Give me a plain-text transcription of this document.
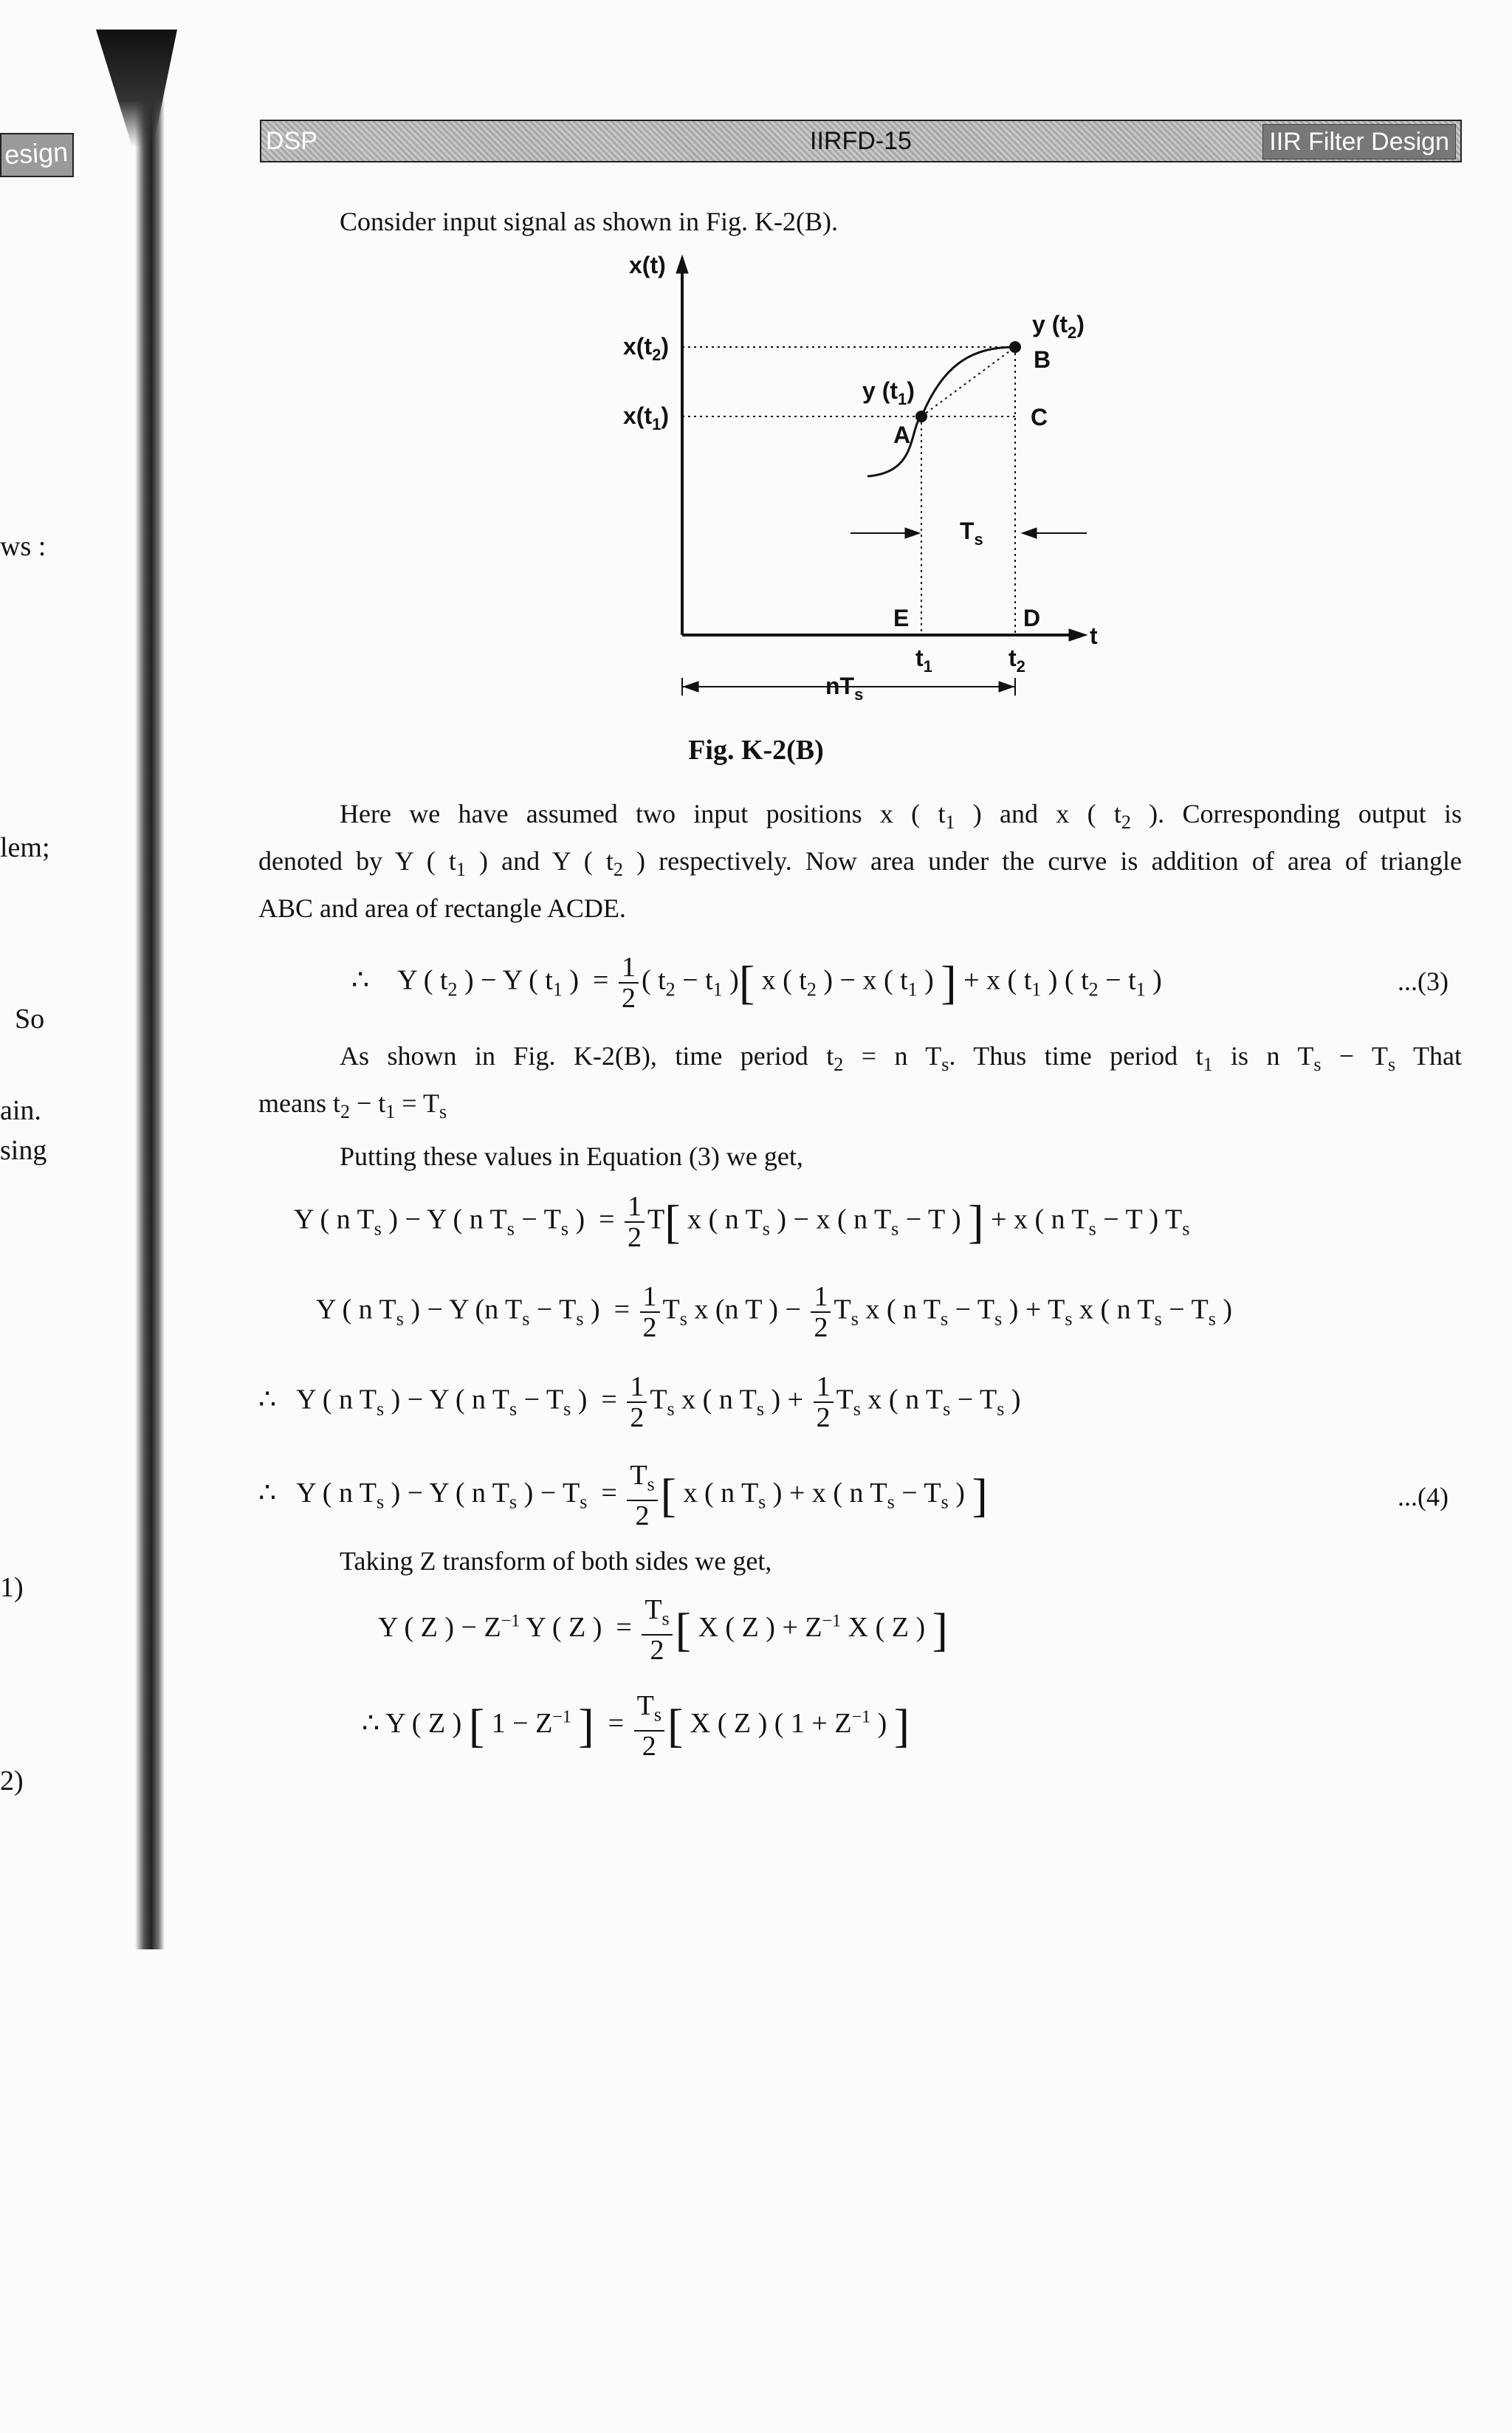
esign
ws :
lem;
So
ain.
sing
1)
2)
DSP	IIRFD-15	IIR Filter Design

Consider input signal as shown in Fig. K-2(B).

x(t)
$x(t_2)$
$x(t_1)$
y $(t_2)$
y $(t_1)$
A
B
C
D
E
t
$t_1$	$t_2$
$T_s$
$nT_s$
Fig. K-2(B)

Here we have assumed two input positions x ( $t_1$ ) and x ( $t_2$ ). Corresponding output is

denoted by Y ( $t_1$ ) and Y ( $t_2$ ) respectively. Now area under the curve is addition of area of triangle

ABC and area of rectangle ACDE.

∴    Y ( $t_2$ ) − Y ( $t_1$ )  = $\frac{1}{2}$ ( $t_2 - t_1$ )[ x ( $t_2$ ) − x ( $t_1$ ) ] + x ( $t_1$ ) ( $t_2 - t_1$ )	...(3)

As shown in Fig. K-2(B), time period $t_2 = n$ $T_s$. Thus time period $t_1$ is n $T_s - T_s$ That

means $t_2 - t_1 = T_s$

Putting these values in Equation (3) we get,

Y ( n $T_s$ ) − Y ( n $T_s - T_s$ )  = $\frac{1}{2} T$[ x ( n $T_s$ ) − x ( n $T_s - T$ ) ] + x ( n $T_s - T$ ) $T_s$
Y ( n $T_s$ ) − Y (n $T_s - T_s$ )  = $\frac{1}{2} T_s$ x (n T ) − $\frac{1}{2} T_s$ x ( n $T_s - T_s$ ) + $T_s$ x ( n $T_s - T_s$ )
∴   Y ( n $T_s$ ) − Y ( n $T_s - T_s$ )  = $\frac{1}{2} T_s$ x ( n $T_s$ ) + $\frac{1}{2} T_s$ x ( n $T_s - T_s$ )
∴   Y ( n $T_s$ ) − Y ( n $T_s$ ) − $T_s = \frac{T_s}{2}$ [ x ( n $T_s$ ) + x ( n $T_s - T_s$ ) ]	...(4)

Taking Z transform of both sides we get,

Y ( Z ) − $Z^{-1}$ Y ( Z )  = $\frac{T_s}{2}$ [ X ( Z ) + $Z^{-1}$ X ( Z ) ]
∴ Y ( Z ) [ $1 - Z^{-1}$ ]  = $\frac{T_s}{2}$ [ X ( Z ) ( $1 + Z^{-1}$ ) ]
